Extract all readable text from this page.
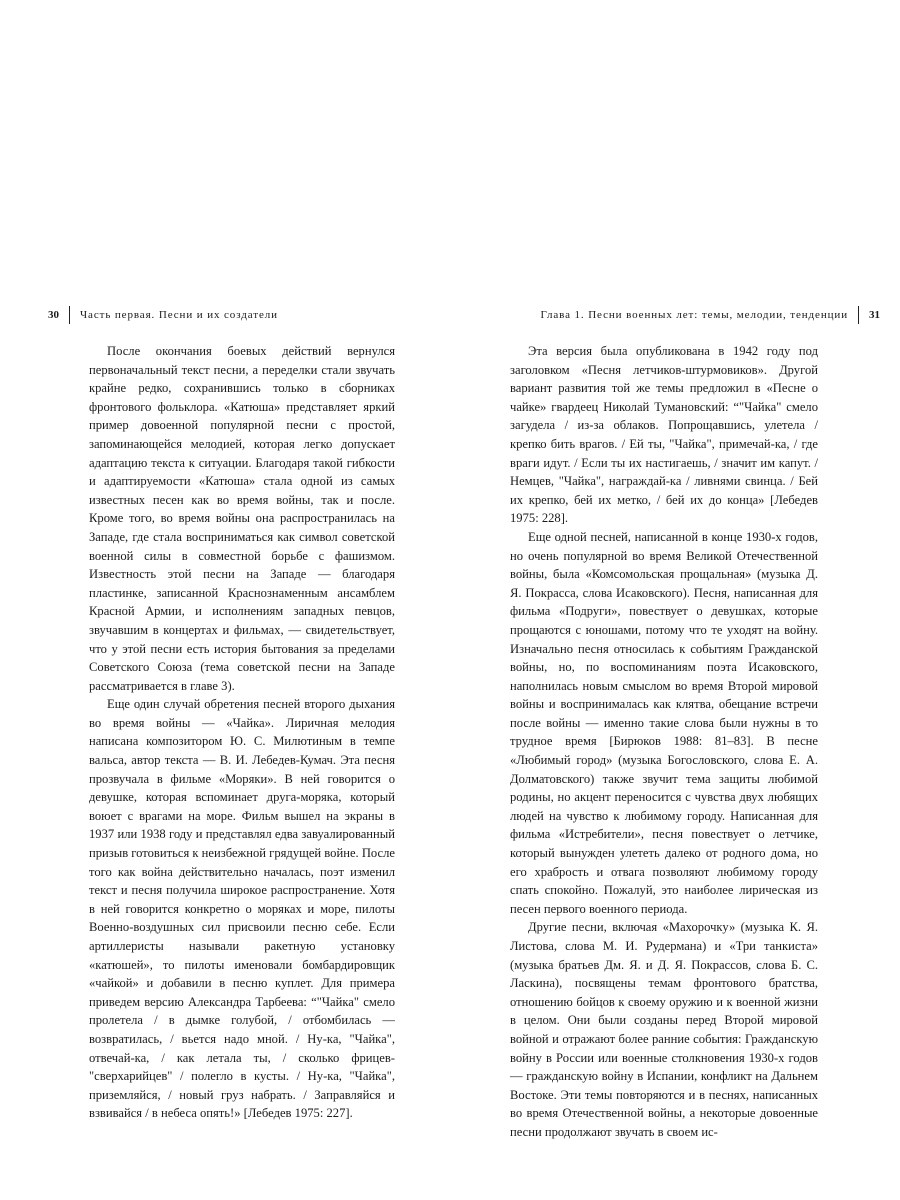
30 Часть первая. Песни и их создатели

После окончания боевых действий вернулся первоначальный текст песни, а переделки стали звучать крайне редко, сохранившись только в сборниках фронтового фольклора. «Катюша» представляет яркий пример довоенной популярной песни с простой, запоминающейся мелодией, которая легко допускает адаптацию текста к ситуации. Благодаря такой гибкости и адаптируемости «Катюша» стала одной из самых известных песен как во время войны, так и после. Кроме того, во время войны она распространилась на Западе, где стала восприниматься как символ советской военной силы в совместной борьбе с фашизмом. Известность этой песни на Западе — благодаря пластинке, записанной Краснознаменным ансамблем Красной Армии, и исполнениям западных певцов, звучавшим в концертах и фильмах, — свидетельствует, что у этой песни есть история бытования за пределами Советского Союза (тема советской песни на Западе рассматривается в главе 3).

Еще один случай обретения песней второго дыхания во время войны — «Чайка». Лиричная мелодия написана композитором Ю. С. Милютиным в темпе вальса, автор текста — В. И. Лебедев-Кумач. Эта песня прозвучала в фильме «Моряки». В ней говорится о девушке, которая вспоминает друга-моряка, который воюет с врагами на море. Фильм вышел на экраны в 1937 или 1938 году и представлял едва завуалированный призыв готовиться к неизбежной грядущей войне. После того как война действительно началась, поэт изменил текст и песня получила широкое распространение. Хотя в ней говорится конкретно о моряках и море, пилоты Военно-воздушных сил присвоили песню себе. Если артиллеристы называли ракетную установку «катюшей», то пилоты именовали бомбардировщик «чайкой» и добавили в песню куплет. Для примера приведем версию Александра Тарбеева: “"Чайка" смело пролетела / в дымке голубой, / отбомбилась — возвратилась, / вьется надо мной. / Ну-ка, "Чайка", отвечай-ка, / как летала ты, / сколько фрицев-"сверхарийцев" / полегло в кусты. / Ну-ка, "Чайка", приземляйся, / новый груз набрать. / Заправляйся и взвивайся / в небеса опять!» [Лебедев 1975: 227].

Глава 1. Песни военных лет: темы, мелодии, тенденции 31

Эта версия была опубликована в 1942 году под заголовком «Песня летчиков-штурмовиков». Другой вариант развития той же темы предложил в «Песне о чайке» гвардеец Николай Тумановский: “"Чайка" смело загудела / из-за облаков. Попрощавшись, улетела / крепко бить врагов. / Ей ты, "Чайка", примечай-ка, / где враги идут. / Если ты их настигаешь, / значит им капут. / Немцев, "Чайка", награждай-ка / ливнями свинца. / Бей их крепко, бей их метко, / бей их до конца» [Лебедев 1975: 228].

Еще одной песней, написанной в конце 1930-х годов, но очень популярной во время Великой Отечественной войны, была «Комсомольская прощальная» (музыка Д. Я. Покрасса, слова Исаковского). Песня, написанная для фильма «Подруги», повествует о девушках, которые прощаются с юношами, потому что те уходят на войну. Изначально песня относилась к событиям Гражданской войны, но, по воспоминаниям поэта Исаковского, наполнилась новым смыслом во время Второй мировой войны и воспринималась как клятва, обещание встречи после войны — именно такие слова были нужны в то трудное время [Бирюков 1988: 81–83]. В песне «Любимый город» (музыка Богословского, слова Е. А. Долматовского) также звучит тема защиты любимой родины, но акцент переносится с чувства двух любящих людей на чувство к любимому городу. Написанная для фильма «Истребители», песня повествует о летчике, который вынужден улететь далеко от родного дома, но его храбрость и отвага позволяют любимому городу спать спокойно. Пожалуй, это наиболее лирическая из песен первого военного периода.

Другие песни, включая «Махорочку» (музыка К. Я. Листова, слова М. И. Рудермана) и «Три танкиста» (музыка братьев Дм. Я. и Д. Я. Покрассов, слова Б. С. Ласкина), посвящены темам фронтового братства, отношению бойцов к своему оружию и к военной жизни в целом. Они были созданы перед Второй мировой войной и отражают более ранние события: Гражданскую войну в России или военные столкновения 1930-х годов — гражданскую войну в Испании, конфликт на Дальнем Востоке. Эти темы повторяются и в песнях, написанных во время Отечественной войны, а некоторые довоенные песни продолжают звучать в своем ис-
